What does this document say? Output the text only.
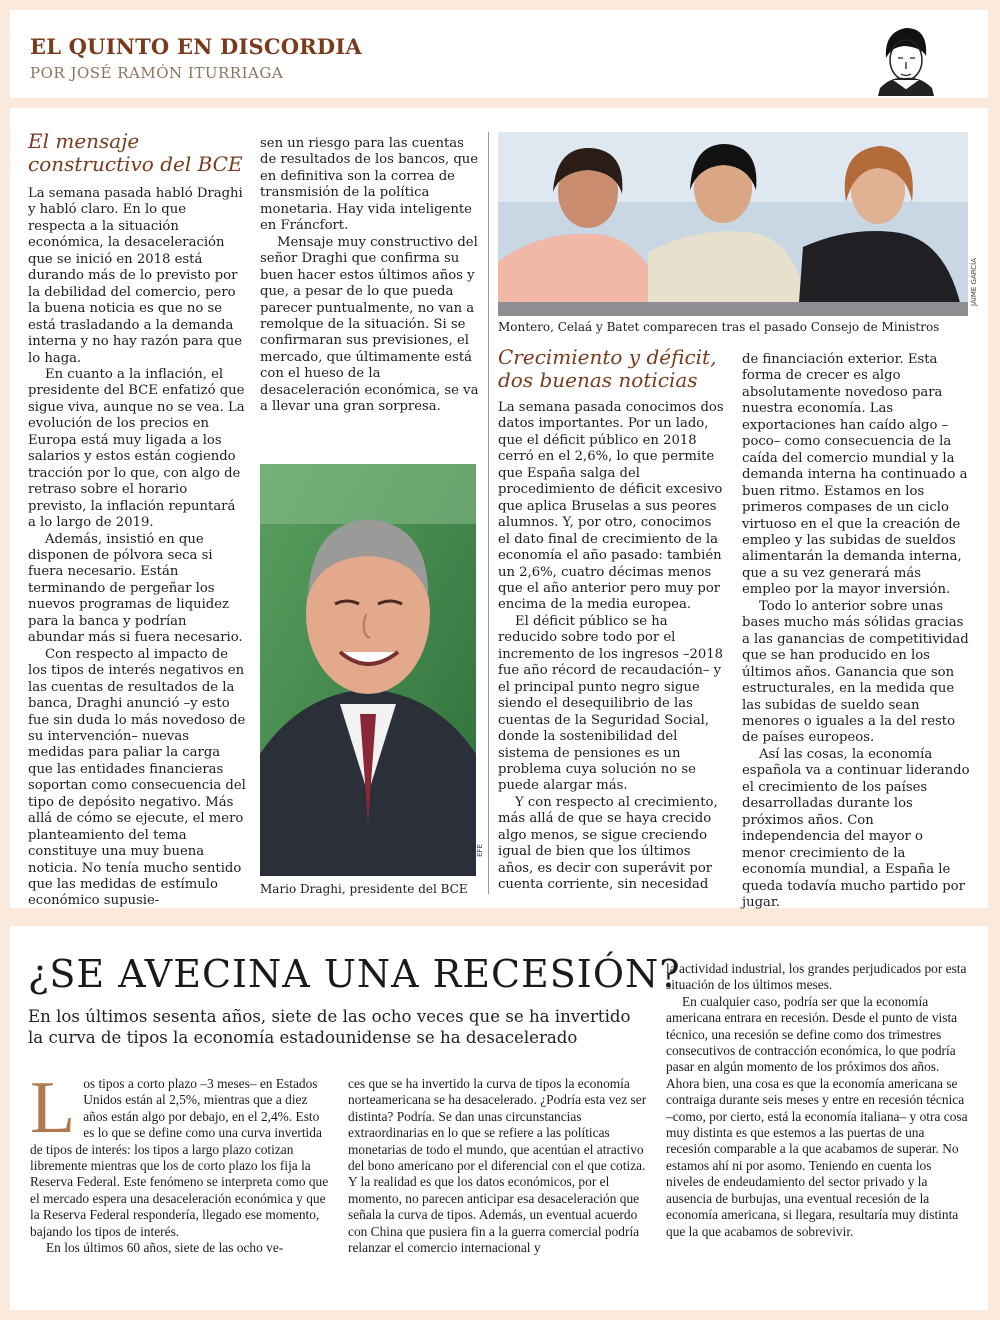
EL QUINTO EN DISCORDIA
POR JOSÉ RAMÓN ITURRIAGA
El mensaje constructivo del BCE

La semana pasada habló Draghi y habló claro. En lo que respecta a la situación económica, la desaceleración que se inició en 2018 está durando más de lo previsto por la debilidad del comercio, pero la buena noticia es que no se está trasladando a la demanda interna y no hay razón para que lo haga.

En cuanto a la inflación, el presidente del BCE enfatizó que sigue viva, aunque no se vea. La evolución de los precios en Europa está muy ligada a los salarios y estos están cogiendo tracción por lo que, con algo de retraso sobre el horario previsto, la inflación repuntará a lo largo de 2019.

Además, insistió en que disponen de pólvora seca si fuera necesario. Están terminando de pergeñar los nuevos programas de liquidez para la banca y podrían abundar más si fuera necesario.

Con respecto al impacto de los tipos de interés negativos en las cuentas de resultados de la banca, Draghi anunció –y esto fue sin duda lo más novedoso de su intervención– nuevas medidas para paliar la carga que las entidades financieras soportan como consecuencia del tipo de depósito negativo. Más allá de cómo se ejecute, el mero planteamiento del tema constituye una muy buena noticia. No tenía mucho sentido que las medidas de estímulo económico supusie-

sen un riesgo para las cuentas de resultados de los bancos, que en definitiva son la correa de transmisión de la política monetaria. Hay vida inteligente en Fráncfort.

Mensaje muy constructivo del señor Draghi que confirma su buen hacer estos últimos años y que, a pesar de lo que pueda parecer puntualmente, no van a remolque de la situación. Si se confirmaran sus previsiones, el mercado, que últimamente está con el hueso de la desaceleración económica, se va a llevar una gran sorpresa.

EFE
Mario Draghi, presidente del BCE
JAIME GARCÍA
Montero, Celaá y Batet comparecen tras el pasado Consejo de Ministros
Crecimiento y déficit, dos buenas noticias

La semana pasada conocimos dos datos importantes. Por un lado, que el déficit público en 2018 cerró en el 2,6%, lo que permite que España salga del procedimiento de déficit excesivo que aplica Bruselas a sus peores alumnos. Y, por otro, conocimos el dato final de crecimiento de la economía el año pasado: también un 2,6%, cuatro décimas menos que el año anterior pero muy por encima de la media europea.

El déficit público se ha reducido sobre todo por el incremento de los ingresos –2018 fue año récord de recaudación– y el principal punto negro sigue siendo el desequilibrio de las cuentas de la Seguridad Social, donde la sostenibilidad del sistema de pensiones es un problema cuya solución no se puede alargar más.

Y con respecto al crecimiento, más allá de que se haya crecido algo menos, se sigue creciendo igual de bien que los últimos años, es decir con superávit por cuenta corriente, sin necesidad

de financiación exterior. Esta forma de crecer es algo absolutamente novedoso para nuestra economía. Las exportaciones han caído algo –poco– como consecuencia de la caída del comercio mundial y la demanda interna ha continuado a buen ritmo. Estamos en los primeros compases de un ciclo virtuoso en el que la creación de empleo y las subidas de sueldos alimentarán la demanda interna, que a su vez generará más empleo por la mayor inversión.

Todo lo anterior sobre unas bases mucho más sólidas gracias a las ganancias de competitividad que se han producido en los últimos años. Ganancia que son estructurales, en la medida que las subidas de sueldo sean menores o iguales a la del resto de países europeos.

Así las cosas, la economía española va a continuar liderando el crecimiento de los países desarrolladas durante los próximos años. Con independencia del mayor o menor crecimiento de la economía mundial, a España le queda todavía mucho partido por jugar.

¿SE AVECINA UNA RECESIÓN?
En los últimos sesenta años, siete de las ocho veces que se ha invertido la curva de tipos la economía estadounidense se ha desacelerado
L os tipos a corto plazo –3 meses– en Estados Unidos están al 2,5%, mientras que a diez años están algo por debajo, en el 2,4%. Esto es lo que se define como una curva invertida de tipos de interés: los tipos a largo plazo cotizan libremente mientras que los de corto plazo los fija la Reserva Federal. Este fenómeno se interpreta como que el mercado espera una desaceleración económica y que la Reserva Federal respondería, llegado ese momento, bajando los tipos de interés.

En los últimos 60 años, siete de las ocho ve-

ces que se ha invertido la curva de tipos la economía norteamericana se ha desacelerado. ¿Podría esta vez ser distinta? Podría. Se dan unas circunstancias extraordinarias en lo que se refiere a las políticas monetarias de todo el mundo, que acentúan el atractivo del bono americano por el diferencial con el que cotiza. Y la realidad es que los datos económicos, por el momento, no parecen anticipar esa desaceleración que señala la curva de tipos. Además, un eventual acuerdo con China que pusiera fin a la guerra comercial podría relanzar el comercio internacional y

la actividad industrial, los grandes perjudicados por esta situación de los últimos meses.

En cualquier caso, podría ser que la economía americana entrara en recesión. Desde el punto de vista técnico, una recesión se define como dos trimestres consecutivos de contracción económica, lo que podría pasar en algún momento de los próximos dos años. Ahora bien, una cosa es que la economía americana se contraiga durante seis meses y entre en recesión técnica –como, por cierto, está la economía italiana– y otra cosa muy distinta es que estemos a las puertas de una recesión comparable a la que acabamos de superar. No estamos ahí ni por asomo. Teniendo en cuenta los niveles de endeudamiento del sector privado y la ausencia de burbujas, una eventual recesión de la economía americana, si llegara, resultaría muy distinta que la que acabamos de sobrevivir.
